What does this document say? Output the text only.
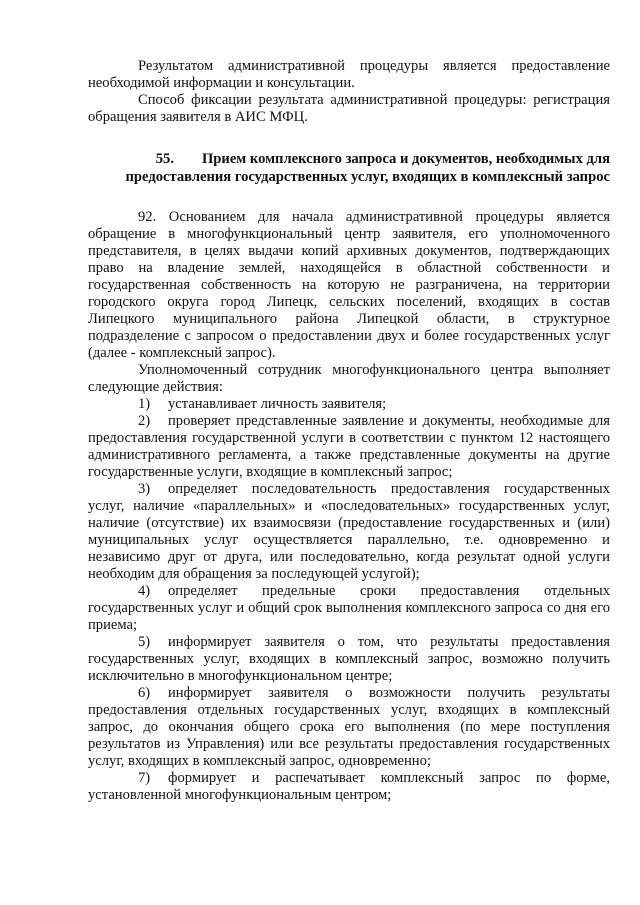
Результатом административной процедуры является предоставление необходимой информации и консультации.

Способ фиксации результата административной процедуры: регистрация обращения заявителя в АИС МФЦ.

55. Прием комплексного запроса и документов, необходимых для
предоставления государственных услуг, входящих в комплексный запрос

92. Основанием для начала административной процедуры является обращение в многофункциональный центр заявителя, его уполномоченного представителя, в целях выдачи копий архивных документов, подтверждающих право на владение землей, находящейся в областной собственности и государственная собственность на которую не разграничена, на территории городского округа город Липецк, сельских поселений, входящих в состав Липецкого муниципального района Липецкой области, в структурное подразделение с запросом о предоставлении двух и более государственных услуг (далее - комплексный запрос).

Уполномоченный сотрудник многофункционального центра выполняет следующие действия:

1) устанавливает личность заявителя;

2) проверяет представленные заявление и документы, необходимые для предоставления государственной услуги в соответствии с пунктом 12 настоящего административного регламента, а также представленные документы на другие государственные услуги, входящие в комплексный запрос;

3) определяет последовательность предоставления государственных услуг, наличие «параллельных» и «последовательных» государственных услуг, наличие (отсутствие) их взаимосвязи (предоставление государственных и (или) муниципальных услуг осуществляется параллельно, т.е. одновременно и независимо друг от друга, или последовательно, когда результат одной услуги необходим для обращения за последующей услугой);

4) определяет предельные сроки предоставления отдельных государственных услуг и общий срок выполнения комплексного запроса со дня его приема;

5) информирует заявителя о том, что результаты предоставления государственных услуг, входящих в комплексный запрос, возможно получить исключительно в многофункциональном центре;

6) информирует заявителя о возможности получить результаты предоставления отдельных государственных услуг, входящих в комплексный запрос, до окончания общего срока его выполнения (по мере поступления результатов из Управления) или все результаты предоставления государственных услуг, входящих в комплексный запрос, одновременно;

7) формирует и распечатывает комплексный запрос по форме, установленной многофункциональным центром;
